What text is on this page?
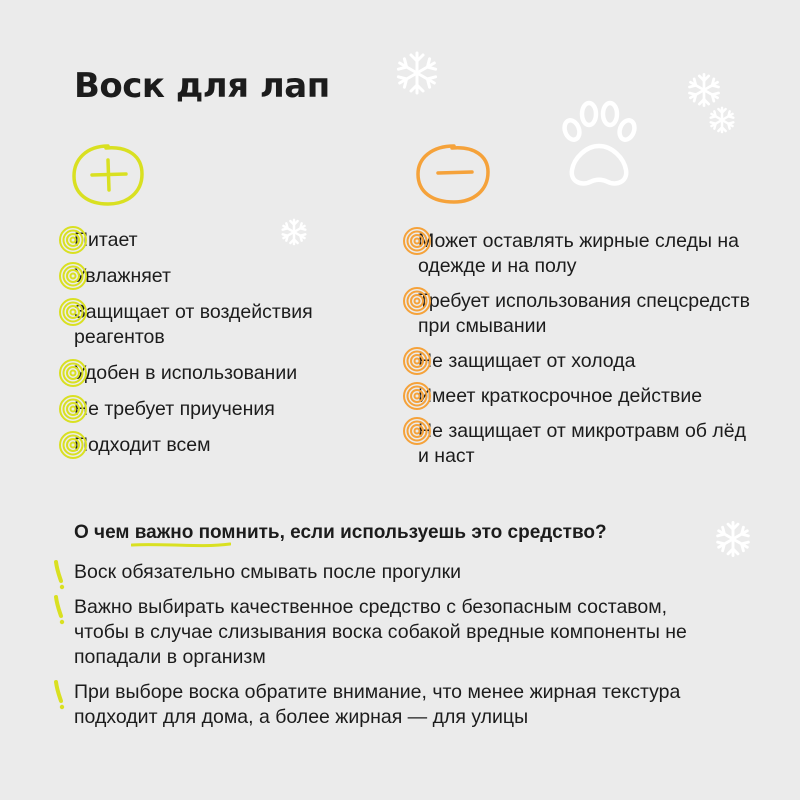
Воск для лап
Питает
Увлажняет
Защищает от воздействия реагентов
Удобен в использовании
Не требует приучения
Подходит всем
Может оставлять жирные следы на одежде и на полу
Требует использования спецсредств при смывании
Не защищает от холода
Имеет краткосрочное действие
Не защищает от микротравм об лёд и наст
О чем важно помнить
, если используешь это средство?
Воск обязательно смывать после прогулки
Важно выбирать качественное средство с безопасным составом, чтобы в случае слизывания воска собакой вредные компоненты не попадали в организм
При выборе воска обратите внимание, что менее жирная текстура подходит для дома, а более жирная — для улицы
